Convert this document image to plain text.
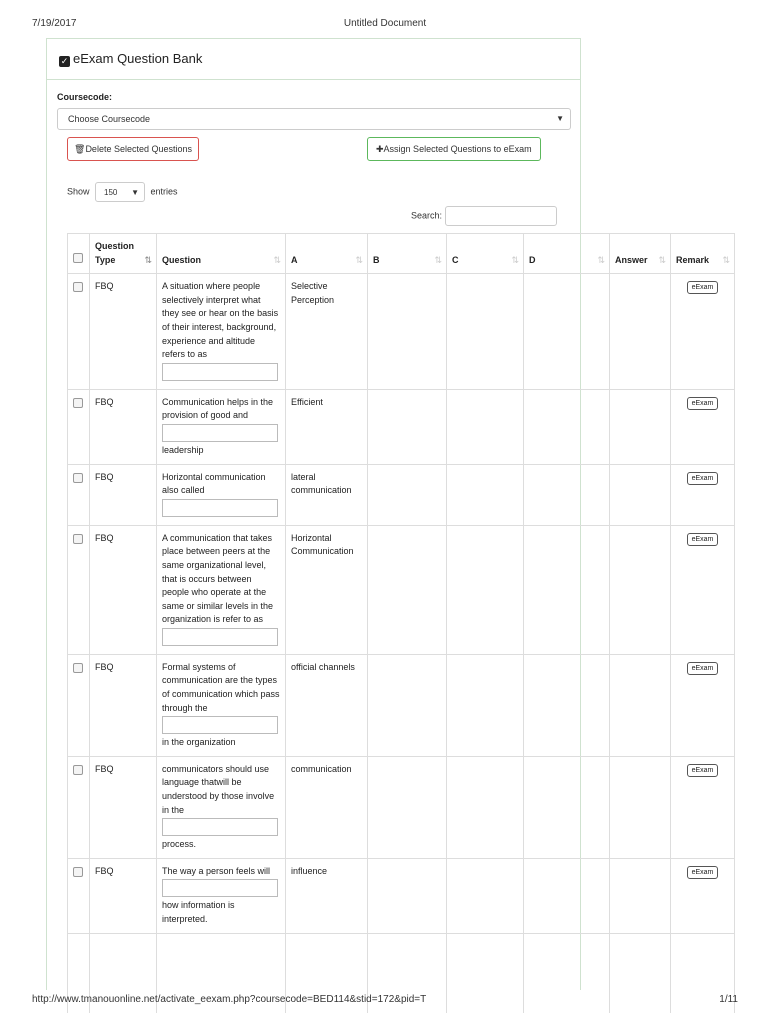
7/19/2017	Untitled Document
✓ eExam Question Bank
Coursecode:
Choose Coursecode	▼
🗑Delete Selected Questions	✚Assign Selected Questions to eExam
Show 150 ▼ entries
Search:
	Question
Type ⇅	Question ⇅	A ⇅	B ⇅	C ⇅	D ⇅	Answer ⇅	Remark ⇅

	FBQ	A situation where people selectively interpret what they see or hear on the basis of their interest, background, experience and altitude refers to as	Selective Perception					eExam
	FBQ	Communication helps in the provision of good and
leadership	Efficient					eExam
	FBQ	Horizontal communication also called	lateral communication					eExam
	FBQ	A communication that takes place between peers at the same organizational level, that is occurs between people who operate at the same or similar levels in the organization is refer to as	Horizontal Communication					eExam
	FBQ	Formal systems of communication are the types of communication which pass through the
in the organization	official channels					eExam
	FBQ	communicators should use language thatwill be understood by those involve in the
process.	communication					eExam
	FBQ	The way a person feels will
how information is interpreted.	influence					eExam

http://www.tmanouonline.net/activate_eexam.php?coursecode=BED114&stid=172&pid=T	1/11
